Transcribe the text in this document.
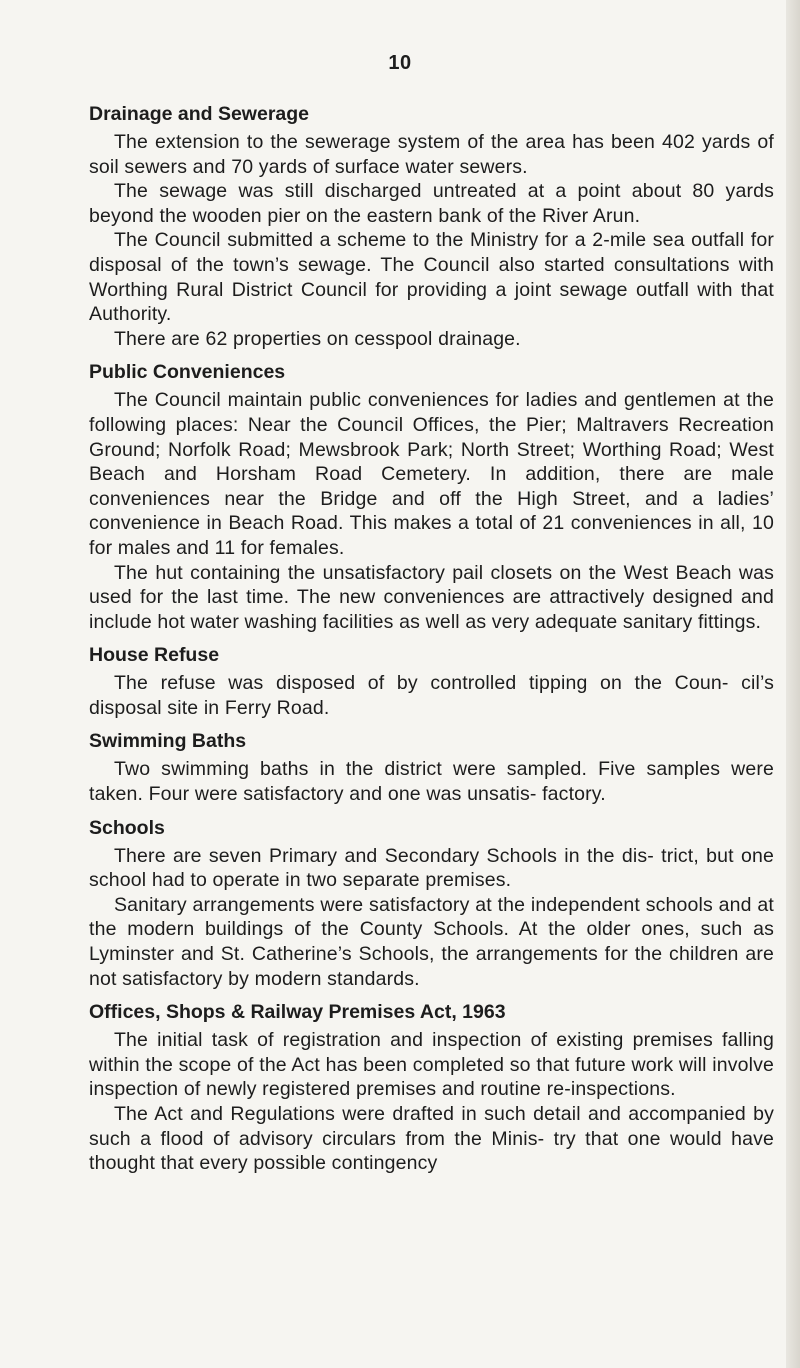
10
Drainage and Sewerage

The extension to the sewerage system of the area has been 402 yards of soil sewers and 70 yards of surface water sewers.

The sewage was still discharged untreated at a point about 80 yards beyond the wooden pier on the eastern bank of the River Arun.

The Council submitted a scheme to the Ministry for a 2-mile sea outfall for disposal of the town’s sewage. The Council also started consultations with Worthing Rural District Council for providing a joint sewage outfall with that Authority.

There are 62 properties on cesspool drainage.

Public Conveniences

The Council maintain public conveniences for ladies and gentlemen at the following places: Near the Council Offices, the Pier; Maltravers Recreation Ground; Norfolk Road; Mewsbrook Park; North Street; Worthing Road; West Beach and Horsham Road Cemetery. In addition, there are male conveniences near the Bridge and off the High Street, and a ladies’ convenience in Beach Road. This makes a total of 21 conveniences in all, 10 for males and 11 for females.

The hut containing the unsatisfactory pail closets on the West Beach was used for the last time. The new conveniences are attractively designed and include hot water washing facilities as well as very adequate sanitary fittings.

House Refuse

The refuse was disposed of by controlled tipping on the Coun- cil’s disposal site in Ferry Road.

Swimming Baths

Two swimming baths in the district were sampled. Five samples were taken. Four were satisfactory and one was unsatis- factory.

Schools

There are seven Primary and Secondary Schools in the dis- trict, but one school had to operate in two separate premises.

Sanitary arrangements were satisfactory at the independent schools and at the modern buildings of the County Schools. At the older ones, such as Lyminster and St. Catherine’s Schools, the arrangements for the children are not satisfactory by modern standards.

Offices, Shops & Railway Premises Act, 1963

The initial task of registration and inspection of existing premises falling within the scope of the Act has been completed so that future work will involve inspection of newly registered premises and routine re-inspections.

The Act and Regulations were drafted in such detail and accompanied by such a flood of advisory circulars from the Minis- try that one would have thought that every possible contingency
